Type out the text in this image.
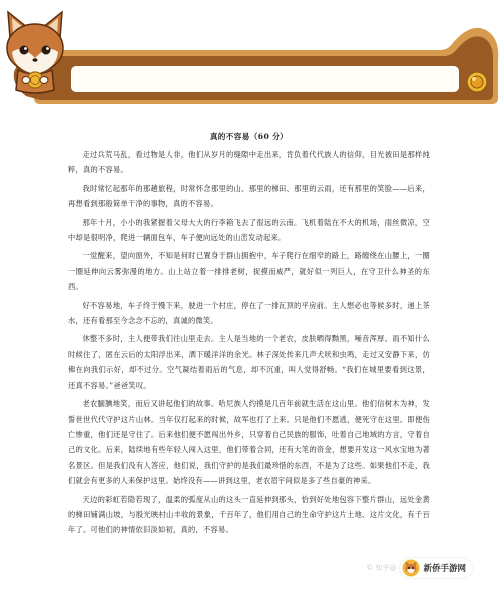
真的不容易（60 分）

走过兵荒马乱，看过物是人非，他们从岁月的缝隙中走出来，肯负着代代族人的信仰，目光被田是那样纯粹，真的不容易。

我时常忆起那年的那趟旅程，时常怀念那里的山、那里的梯田、那里的云雨，还有那里的笑脸——后来，再想看到那般简单干净的事物，真的不容易。

那年十月，小小的我紧握着父母大大的行李箱飞去了很远的云南。飞机着陆在不大的机场，雨丝微凉，空中却是很明净，爬进一辆面包车，车子便向远处的山峦发动起来。

一觉醒来，望向窗外，不知是何时已置身于群山拥抱中，车子爬行在细窄的路上，路缠绕在山腰上，一圈一圈延伸向云雾弥漫的地方。山上站立着一排排老树，捉摸而威严，就好似一列巨人，在守卫什么神圣的东西。

好不容易地，车子终于慢下来，驶进一个村庄，停在了一排瓦顶的平房前。主人想必也等候多时，递上茶水，还有看那至今念念不忘的，真诚的微笑。

休整不多时，主人便带我们往山里走去。主人是当地的一个老农，皮肤晒得黝黑，噪音浑厚。雨不知什么时候住了，匿在云后的太阳浮出来，洒下暖洋洋的余光。林子深处传来几声犬吠和虫鸣，走过又安静下来，仿佛在向我们示好，却不过分。空气凝结着雨后的气息，却不沉重，叫人觉得舒畅。“我们在城里要看到这景，还真不容易。”爸爸笑叹。

老农腼腆地笑，而后又讲起他们的故事。哈尼族人约摸是几百年前就生活在这山里。他们信树木为神，发誓世世代代守护这片山林。当年仅打起来的时候，故军也打了上来。只是他们不愿逃，便死守在这里。即便伤亡惨重，他们还是守住了。后来他们便不愿闯出外乡，只穿着自己民族的服饰，吐着自己地域的方言，守着自己的文化。后来，陆续地有些年轻人闯入这里，他们带着合同，还有大笔的资金，想要开发这一风水宝地为著名景区。但是我们没有人答应，他们说，我们守护的是我们最珍惜的东西，不是为了这些。如果他们不走，我们就会有更多的人来保护这里。始终没有——讲到这里，老农眉宇间似是多了些自豪的神采。

天边的彩虹若隐若现了，温柔的弧度从山的这头一直延伸到那头，恰到好处地包容下整片群山，远处金黄的梯田铺满山坡，与殷光映村山丰收的景象，千百年了，他们用自己的生命守护这片土地、这片文化，有千百年了。可他们的神情依旧淡如初，真的，不容易。

© 知乎@	新侨手游网
